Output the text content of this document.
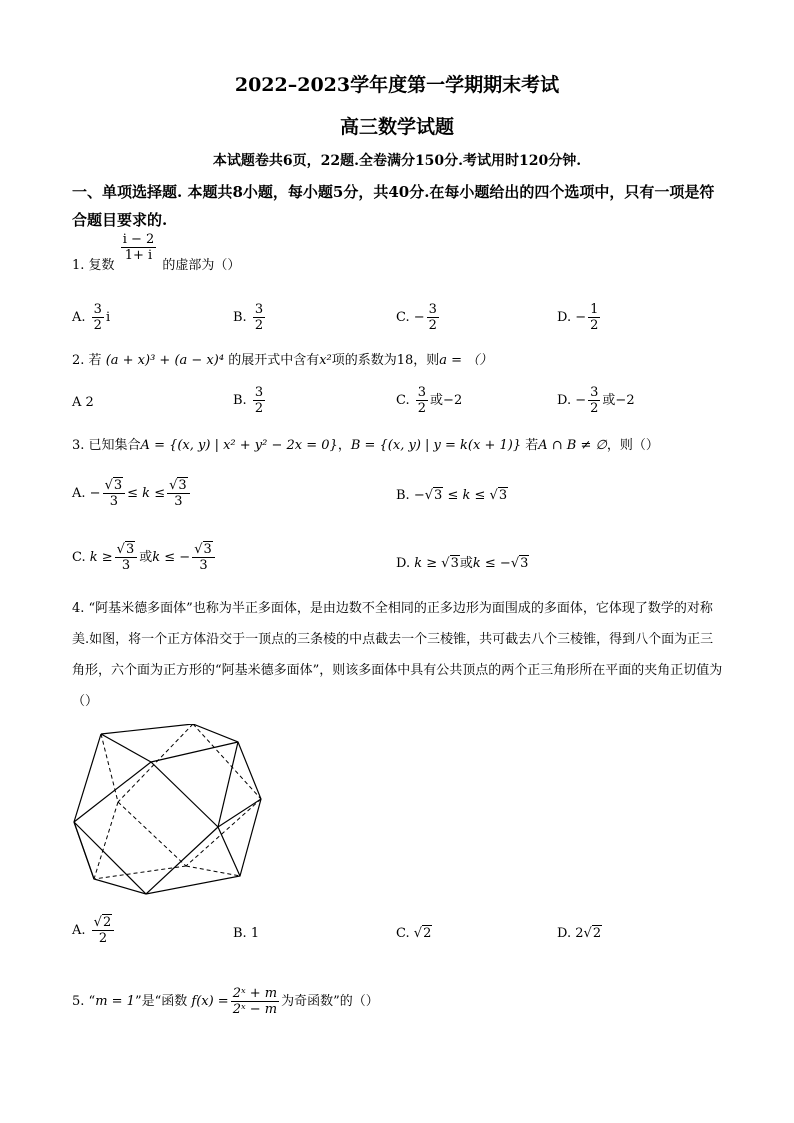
2022–2023学年度第一学期期末考试
高三数学试题
本试题卷共6页，22题.全卷满分150分.考试用时120分钟.
一、单项选择题. 本题共8小题，每小题5分，共40分.在每小题给出的四个选项中，只有一项是符合题目要求的.
1. 复数
$\frac{i - 2}{1+ i}$
的虚部为（）
A. $\frac{3}{2}$ i	B. $\frac{3}{2}$	C. − $\frac{3}{2}$	D. − $\frac{1}{2}$
2. 若 (a + x)³ + (a − x)⁴ 的展开式中含有x²项的系数为18，则a = （）
A 2	B. $\frac{3}{2}$	C. $\frac{3}{2}$ 或−2	D. − $\frac{3}{2}$ 或−2
3. 已知集合A = {(x, y) | x² + y² − 2x = 0}，B = {(x, y) | y = k(x + 1)} 若A ∩ B ≠ ∅，则（）
A. − $\frac{√3}{3} \le k \le \frac{√3}{3}$	B. −√3 ≤ k ≤ √3
C. $k \ge \frac{√3}{3}$ 或k ≤ − $\frac{√3}{3}$	D. k ≥ √3或k ≤ −√3
4. “阿基米德多面体”也称为半正多面体，是由边数不全相同的正多边形为面围成的多面体，它体现了数学的对称美.如图，将一个正方体沿交于一顶点的三条棱的中点截去一个三棱锥，共可截去八个三棱锥，得到八个面为正三角形，六个面为正方形的“阿基米德多面体”，则该多面体中具有公共顶点的两个正三角形所在平面的夹角正切值为（）
A. $\frac{√2}{2}$	B. 1	C. √2	D. 2√2
5. “m = 1”是“函数 $f(x) = \frac{\text{2ˣ + m}}{\text{2ˣ − m}}$ 为奇函数”的（）
